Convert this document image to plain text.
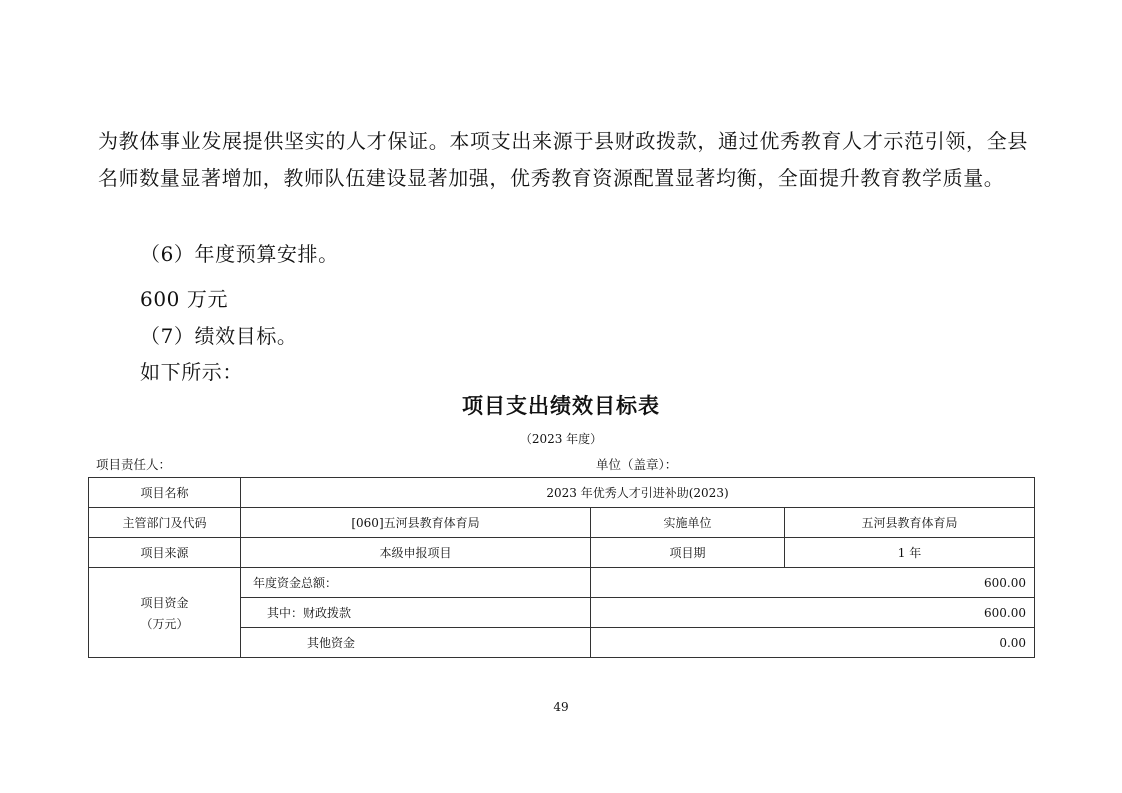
为教体事业发展提供坚实的人才保证。本项支出来源于县财政拨款，通过优秀教育人才示范引领，全县名师数量显著增加，教师队伍建设显著加强，优秀教育资源配置显著均衡，全面提升教育教学质量。
（6）年度预算安排。
600 万元
（7）绩效目标。
如下所示：
项目支出绩效目标表
（2023 年度）
项目责任人：	单位（盖章）：
项目名称	2023 年优秀人才引进补助(2023)		
主管部门及代码	[060]五河县教育体育局	实施单位	五河县教育体育局
项目来源	本级申报项目	项目期	1 年

项目资金
（万元）	年度资金总额：	600.00	
	其中：财政拨款	600.00	
	其他资金	0.00	
49
